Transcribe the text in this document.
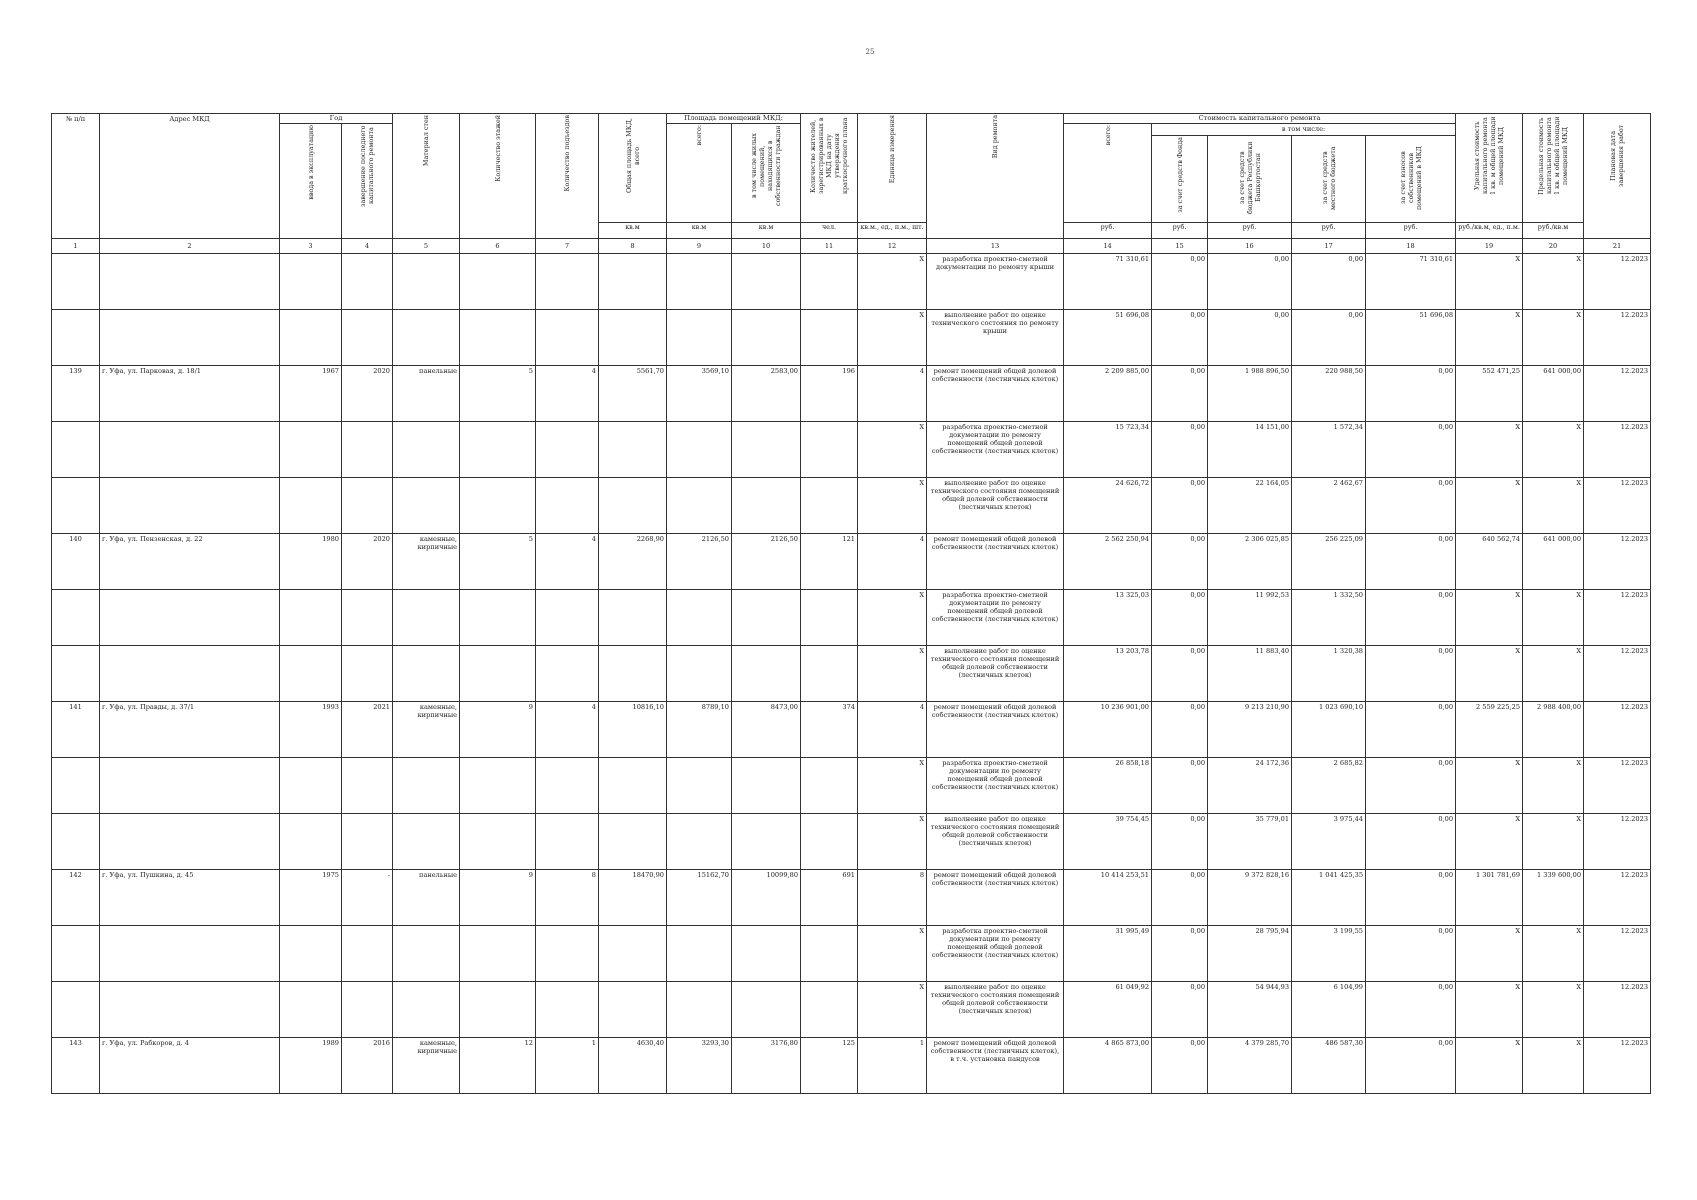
25
№ п/п	Адрес МКД	Год		Материал стен	Количество этажей	Количество подъездов	Общая площадь МКД, всего	Площадь помещений МКД:		Количество жителей, зарегистрированных в МКД на дату утверждения краткосрочного плана	Единица измерения	Вид ремонта	Стоимость капитального ремонта					Удельная стоимость капитального ремонта 1 кв. м общей площади помещений МКД	Предельная стоимость капитального ремонта 1 кв. м общей площади помещений МКД	Плановая дата завершения работ
		ввода в эксплуатацию	завершение последнего капитального ремонта					всего:	в том числе жилых помещений, находящихся в собственности граждан				всего:	в том числе:						
														за счет средств Фонда	за счет средств бюджета Республики Башкортостан	за счет средств местного бюджета	за счет взносов собственников помещений в МКД			
							кв.м	кв.м	кв.м	чел.	кв.м., ед., п.м., шт.		руб.	руб.	руб.	руб.	руб.	руб./кв.м, ед., п.м.	руб./кв.м	
1	2	3	4	5	6	7	8	9	10	11	12	13	14	15	16	17	18	19	20	21
											X	разработка проектно-сметной документации по ремонту крыши	71 310,61	0,00	0,00	0,00	71 310,61	X	X	12.2023
											X	выполнение работ по оценке технического состояния по ремонту крыши	51 696,08	0,00	0,00	0,00	51 696,08	X	X	12.2023
139	г. Уфа, ул. Парковая, д. 18/1	1967	2020	панельные	5	4	5561,70	3569,10	2583,00	196	4	ремонт помещений общей долевой собственности (лестничных клеток)	2 209 885,00	0,00	1 988 896,50	220 988,50	0,00	552 471,25	641 000,00	12.2023
											X	разработка проектно-сметной документации по ремонту помещений общей долевой собственности (лестничных клеток)	15 723,34	0,00	14 151,00	1 572,34	0,00	X	X	12.2023
											X	выполнение работ по оценке технического состояния помещений общей долевой собственности (лестничных клеток)	24 626,72	0,00	22 164,05	2 462,67	0,00	X	X	12.2023
140	г. Уфа, ул. Пензенская, д. 22	1980	2020	каменные, кирпичные	5	4	2268,90	2126,50	2126,50	121	4	ремонт помещений общей долевой собственности (лестничных клеток)	2 562 250,94	0,00	2 306 025,85	256 225,09	0,00	640 562,74	641 000,00	12.2023
											X	разработка проектно-сметной документации по ремонту помещений общей долевой собственности (лестничных клеток)	13 325,03	0,00	11 992,53	1 332,50	0,00	X	X	12.2023
											X	выполнение работ по оценке технического состояния помещений общей долевой собственности (лестничных клеток)	13 203,78	0,00	11 883,40	1 320,38	0,00	X	X	12.2023
141	г. Уфа, ул. Правды, д. 37/1	1993	2021	каменные, кирпичные	9	4	10816,10	8789,10	8473,00	374	4	ремонт помещений общей долевой собственности (лестничных клеток)	10 236 901,00	0,00	9 213 210,90	1 023 690,10	0,00	2 559 225,25	2 988 400,00	12.2023
											X	разработка проектно-сметной документации по ремонту помещений общей долевой собственности (лестничных клеток)	26 858,18	0,00	24 172,36	2 685,82	0,00	X	X	12.2023
											X	выполнение работ по оценке технического состояния помещений общей долевой собственности (лестничных клеток)	39 754,45	0,00	35 779,01	3 975,44	0,00	X	X	12.2023
142	г. Уфа, ул. Пушкина, д. 45	1975	-	панельные	9	8	18470,90	15162,70	10099,80	691	8	ремонт помещений общей долевой собственности (лестничных клеток)	10 414 253,51	0,00	9 372 828,16	1 041 425,35	0,00	1 301 781,69	1 339 600,00	12.2023
											X	разработка проектно-сметной документации по ремонту помещений общей долевой собственности (лестничных клеток)	31 995,49	0,00	28 795,94	3 199,55	0,00	X	X	12.2023
											X	выполнение работ по оценке технического состояния помещений общей долевой собственности (лестничных клеток)	61 049,92	0,00	54 944,93	6 104,99	0,00	X	X	12.2023
143	г. Уфа, ул. Рабкоров, д. 4	1989	2016	каменные, кирпичные	12	1	4630,40	3293,30	3176,80	125	1	ремонт помещений общей долевой собственности (лестничных клеток), в т.ч. установка пандусов	4 865 873,00	0,00	4 379 285,70	486 587,30	0,00	X	X	12.2023
